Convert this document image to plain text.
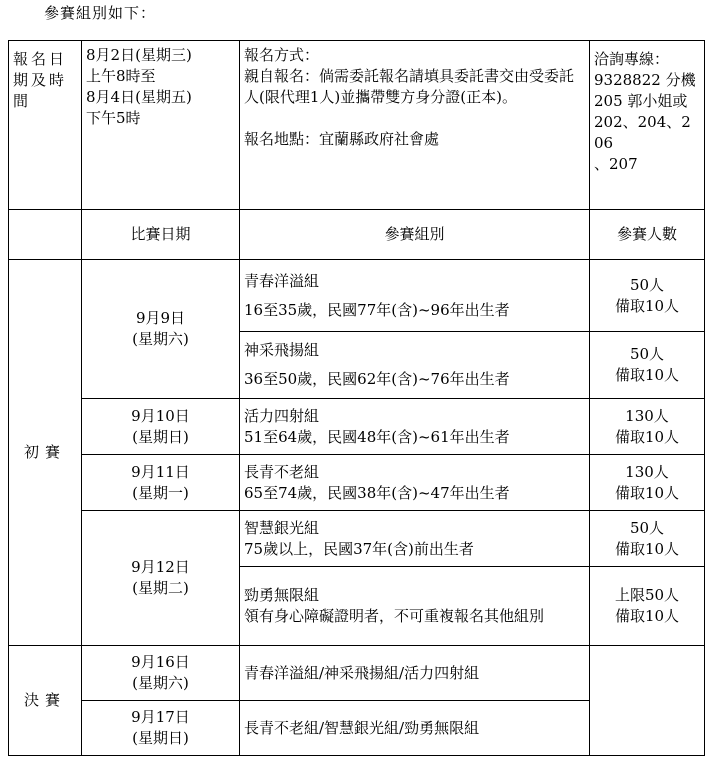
參賽組別如下：
報名日
期及時
間	8月2日(星期三)
上午8時至
8月4日(星期五)
下午5時	報名方式：
親自報名：倘需委託報名請填具委託書交由受委託人(限代理1人)並攜帶雙方身分證(正本)。
報名地點：宜蘭縣政府社會處	洽詢專線：
9328822 分機
205 郭小姐或
202、204、206
、207

	比賽日期	參賽組別	參賽人數
初賽	9月9日
(星期六)	青春洋溢組
16至35歲，民國77年(含)~96年出生者	50人
備取10人

		神采飛揚組
36至50歲，民國62年(含)~76年出生者	50人
備取10人

	9月10日
(星期日)	活力四射組
51至64歲，民國48年(含)~61年出生者	130人
備取10人

	9月11日
(星期一)	長青不老組
65至74歲，民國38年(含)~47年出生者	130人
備取10人

	9月12日
(星期二)	智慧銀光組
75歲以上，民國37年(含)前出生者	50人
備取10人

		勁勇無限組
領有身心障礙證明者，不可重複報名其他組別	上限50人
備取10人

決賽	9月16日
(星期六)	青春洋溢組/神采飛揚組/活力四射組	

	9月17日
(星期日)	長青不老組/智慧銀光組/勁勇無限組	
